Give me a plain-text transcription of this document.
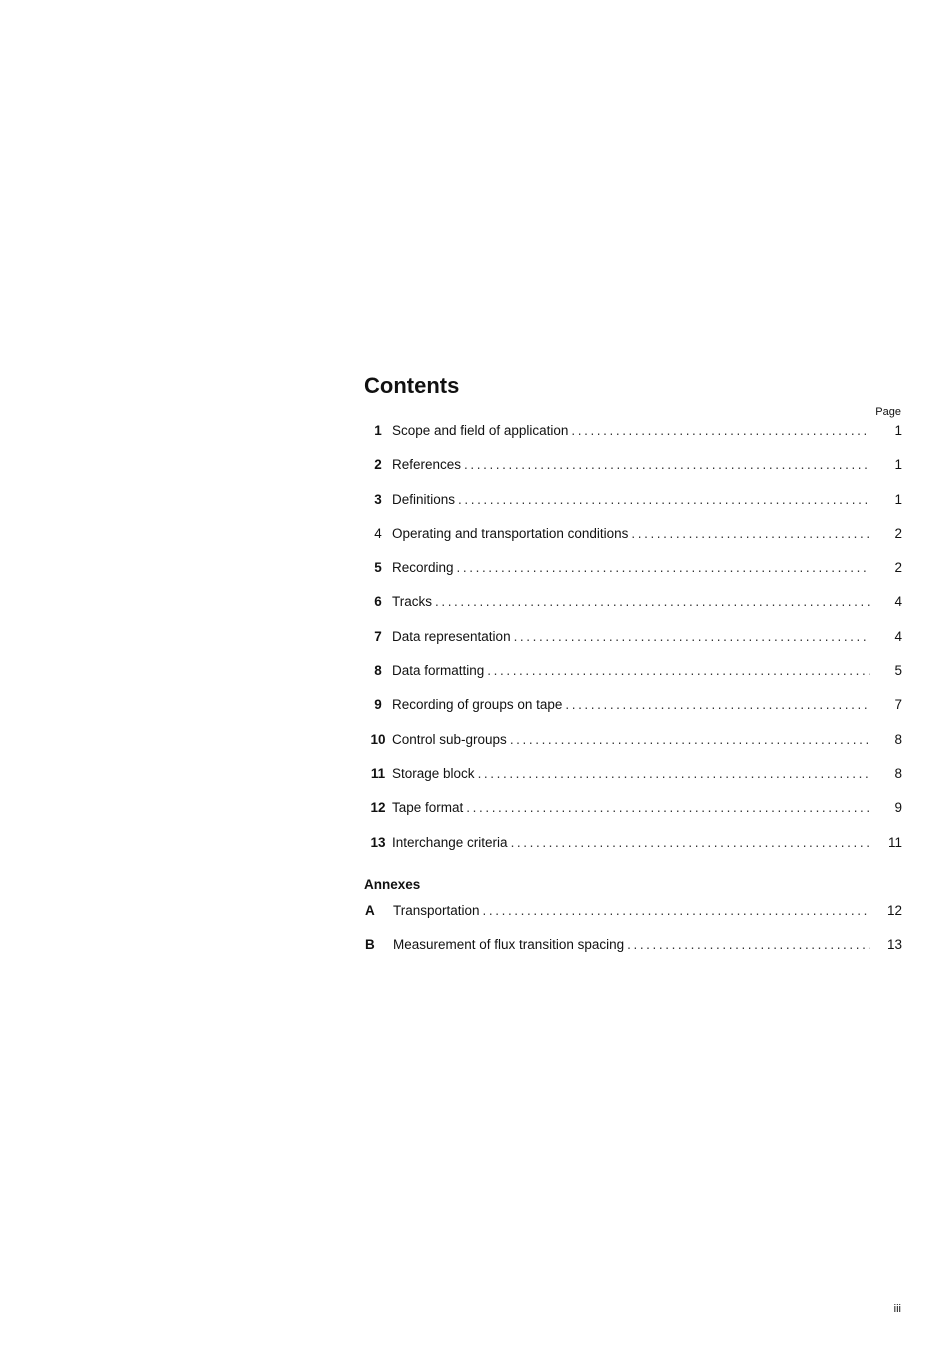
Contents
Page
1 Scope and field of application .....	1
2 References .....	1
3 Definitions .....	1
4 Operating and transportation conditions .....	2
5 Recording .....	2
6 Tracks .....	4
7 Data representation .....	4
8 Data formatting .....	5
9 Recording of groups on tape .....	7
10 Control sub-groups .....	8
11 Storage block .....	8
12 Tape format .....	9
13 Interchange criteria .....	11
Annexes
A	Transportation .....	12
B	Measurement of flux transition spacing .....	13
iii
